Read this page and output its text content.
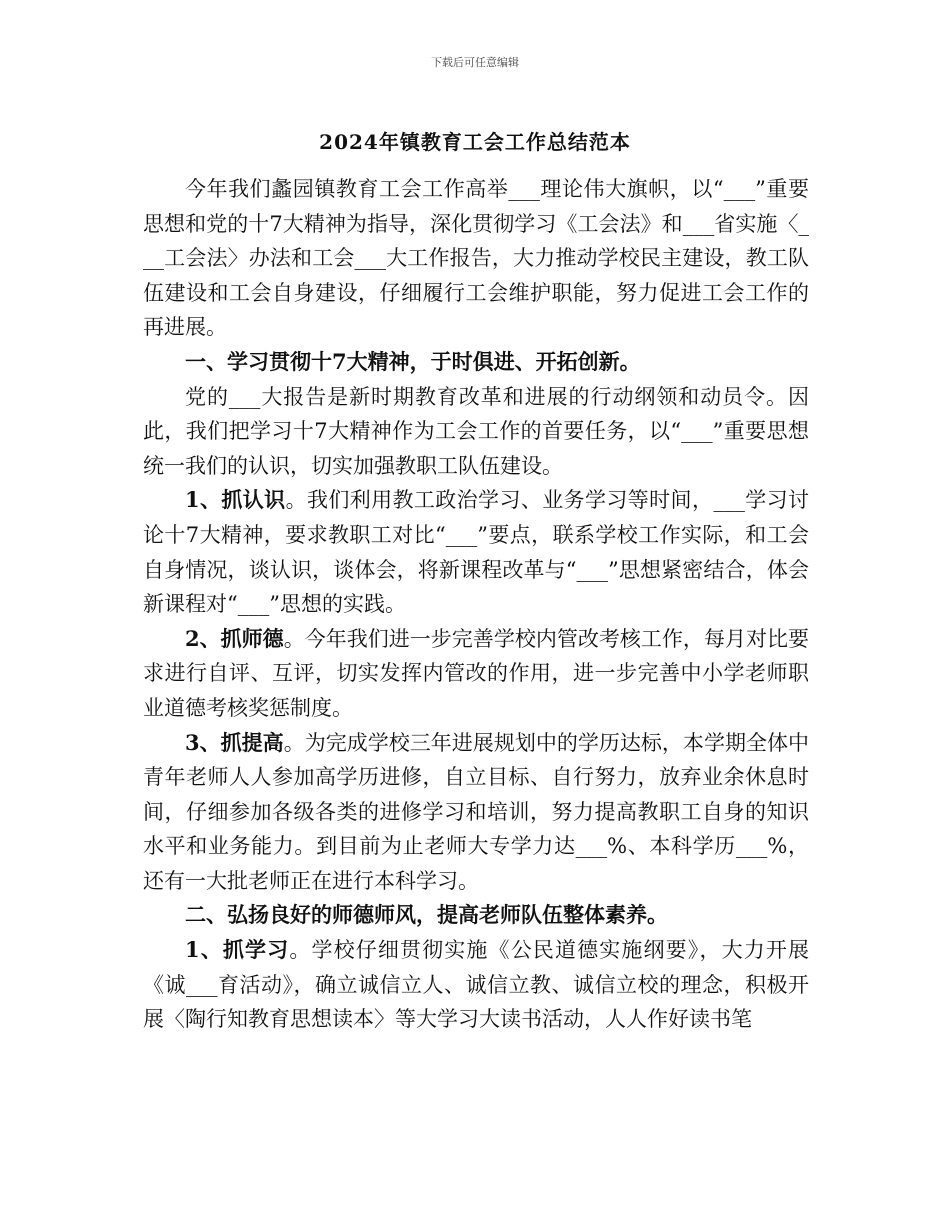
下载后可任意编辑
2024年镇教育工会工作总结范本

今年我们蠡园镇教育工会工作高举___理论伟大旗帜，以“___”重要思想和党的十7大精神为指导，深化贯彻学习《工会法》和___省实施〈___工会法〉办法和工会___大工作报告，大力推动学校民主建设，教工队伍建设和工会自身建设，仔细履行工会维护职能，努力促进工会工作的再进展。

一、学习贯彻十7大精神，于时俱进、开拓创新。

党的___大报告是新时期教育改革和进展的行动纲领和动员令。因此，我们把学习十7大精神作为工会工作的首要任务，以“___”重要思想统一我们的认识，切实加强教职工队伍建设。

1、抓认识。我们利用教工政治学习、业务学习等时间，___学习讨论十7大精神，要求教职工对比“___”要点，联系学校工作实际，和工会自身情况，谈认识，谈体会，将新课程改革与“___”思想紧密结合，体会新课程对“___”思想的实践。

2、抓师德。今年我们进一步完善学校内管改考核工作，每月对比要求进行自评、互评，切实发挥内管改的作用，进一步完善中小学老师职业道德考核奖惩制度。

3、抓提高。为完成学校三年进展规划中的学历达标，本学期全体中青年老师人人参加高学历进修，自立目标、自行努力，放弃业余休息时间，仔细参加各级各类的进修学习和培训，努力提高教职工自身的知识水平和业务能力。到目前为止老师大专学力达___%、本科学历___%，还有一大批老师正在进行本科学习。

二、弘扬良好的师德师风，提高老师队伍整体素养。

1、抓学习。学校仔细贯彻实施《公民道德实施纲要》，大力开展《诚___育活动》，确立诚信立人、诚信立教、诚信立校的理念，积极开展〈陶行知教育思想读本〉等大学习大读书活动，人人作好读书笔
